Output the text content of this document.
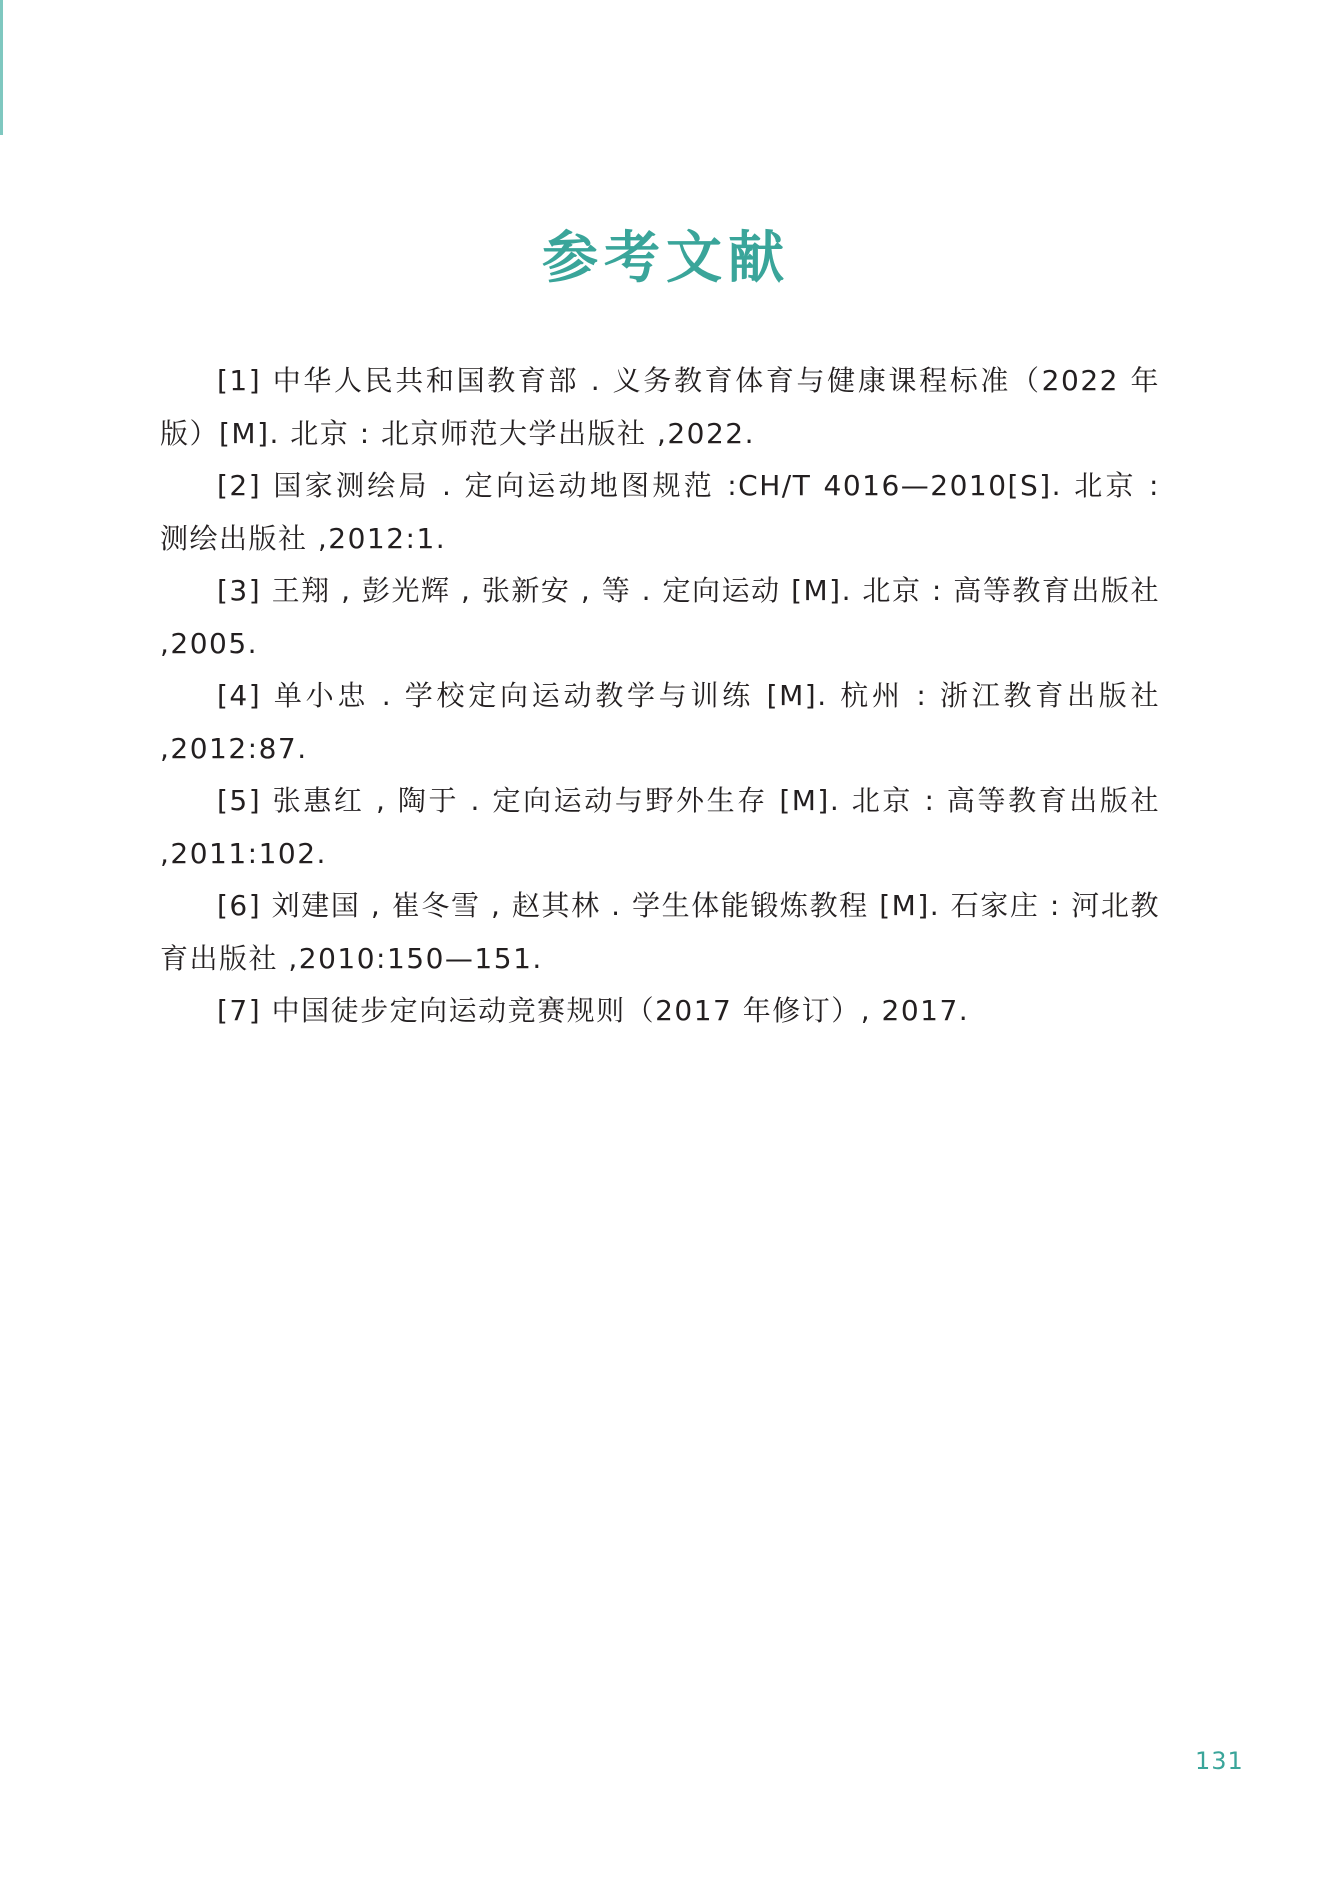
参考文献
[1] 中华人民共和国教育部 . 义务教育体育与健康课程标准（2022 年版）[M]. 北京 : 北京师范大学出版社 ,2022.
[2] 国家测绘局 . 定向运动地图规范 :CH/T 4016—2010[S]. 北京 : 测绘出版社 ,2012:1.
[3] 王翔 , 彭光辉 , 张新安 , 等 . 定向运动 [M]. 北京 : 高等教育出版社 ,2005.
[4] 单小忠 . 学校定向运动教学与训练 [M]. 杭州 : 浙江教育出版社 ,2012:87.
[5] 张惠红 , 陶于 . 定向运动与野外生存 [M]. 北京 : 高等教育出版社 ,2011:102.
[6] 刘建国 , 崔冬雪 , 赵其林 . 学生体能锻炼教程 [M]. 石家庄 : 河北教育出版社 ,2010:150—151.
[7] 中国徒步定向运动竞赛规则（2017 年修订）, 2017.
131
